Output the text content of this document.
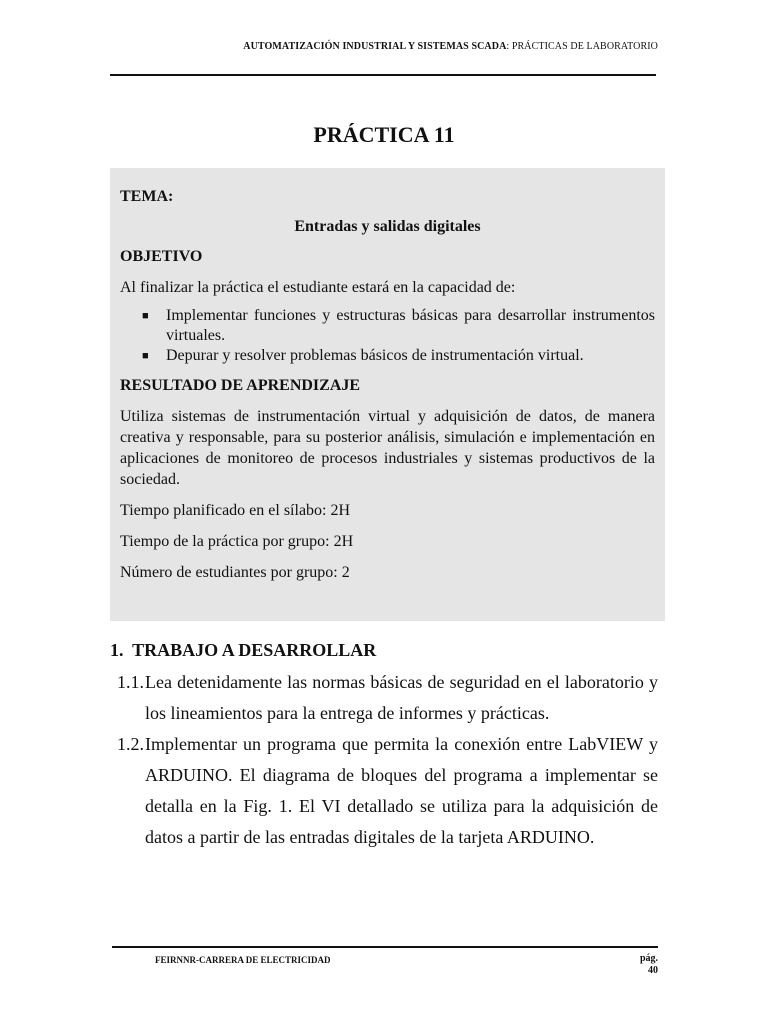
AUTOMATIZACIÓN INDUSTRIAL Y SISTEMAS SCADA: PRÁCTICAS DE LABORATORIO
PRÁCTICA 11

TEMA:

Entradas y salidas digitales

OBJETIVO

Al finalizar la práctica el estudiante estará en la capacidad de:

■ Implementar funciones y estructuras básicas para desarrollar instrumentos virtuales.
■ Depurar y resolver problemas básicos de instrumentación virtual.

RESULTADO DE APRENDIZAJE

Utiliza sistemas de instrumentación virtual y adquisición de datos, de manera creativa y responsable, para su posterior análisis, simulación e implementación en aplicaciones de monitoreo de procesos industriales y sistemas productivos de la sociedad.

Tiempo planificado en el sílabo: 2H

Tiempo de la práctica por grupo: 2H

Número de estudiantes por grupo: 2

1.  TRABAJO A DESARROLLAR

1.1. Lea detenidamente las normas básicas de seguridad en el laboratorio y los lineamientos para la entrega de informes y prácticas.

1.2. Implementar un programa que permita la conexión entre LabVIEW y ARDUINO. El diagrama de bloques del programa a implementar se detalla en la Fig. 1. El VI detallado se utiliza para la adquisición de datos a partir de las entradas digitales de la tarjeta ARDUINO.

FEIRNNR-CARRERA DE ELECTRICIDAD	pág.
40
